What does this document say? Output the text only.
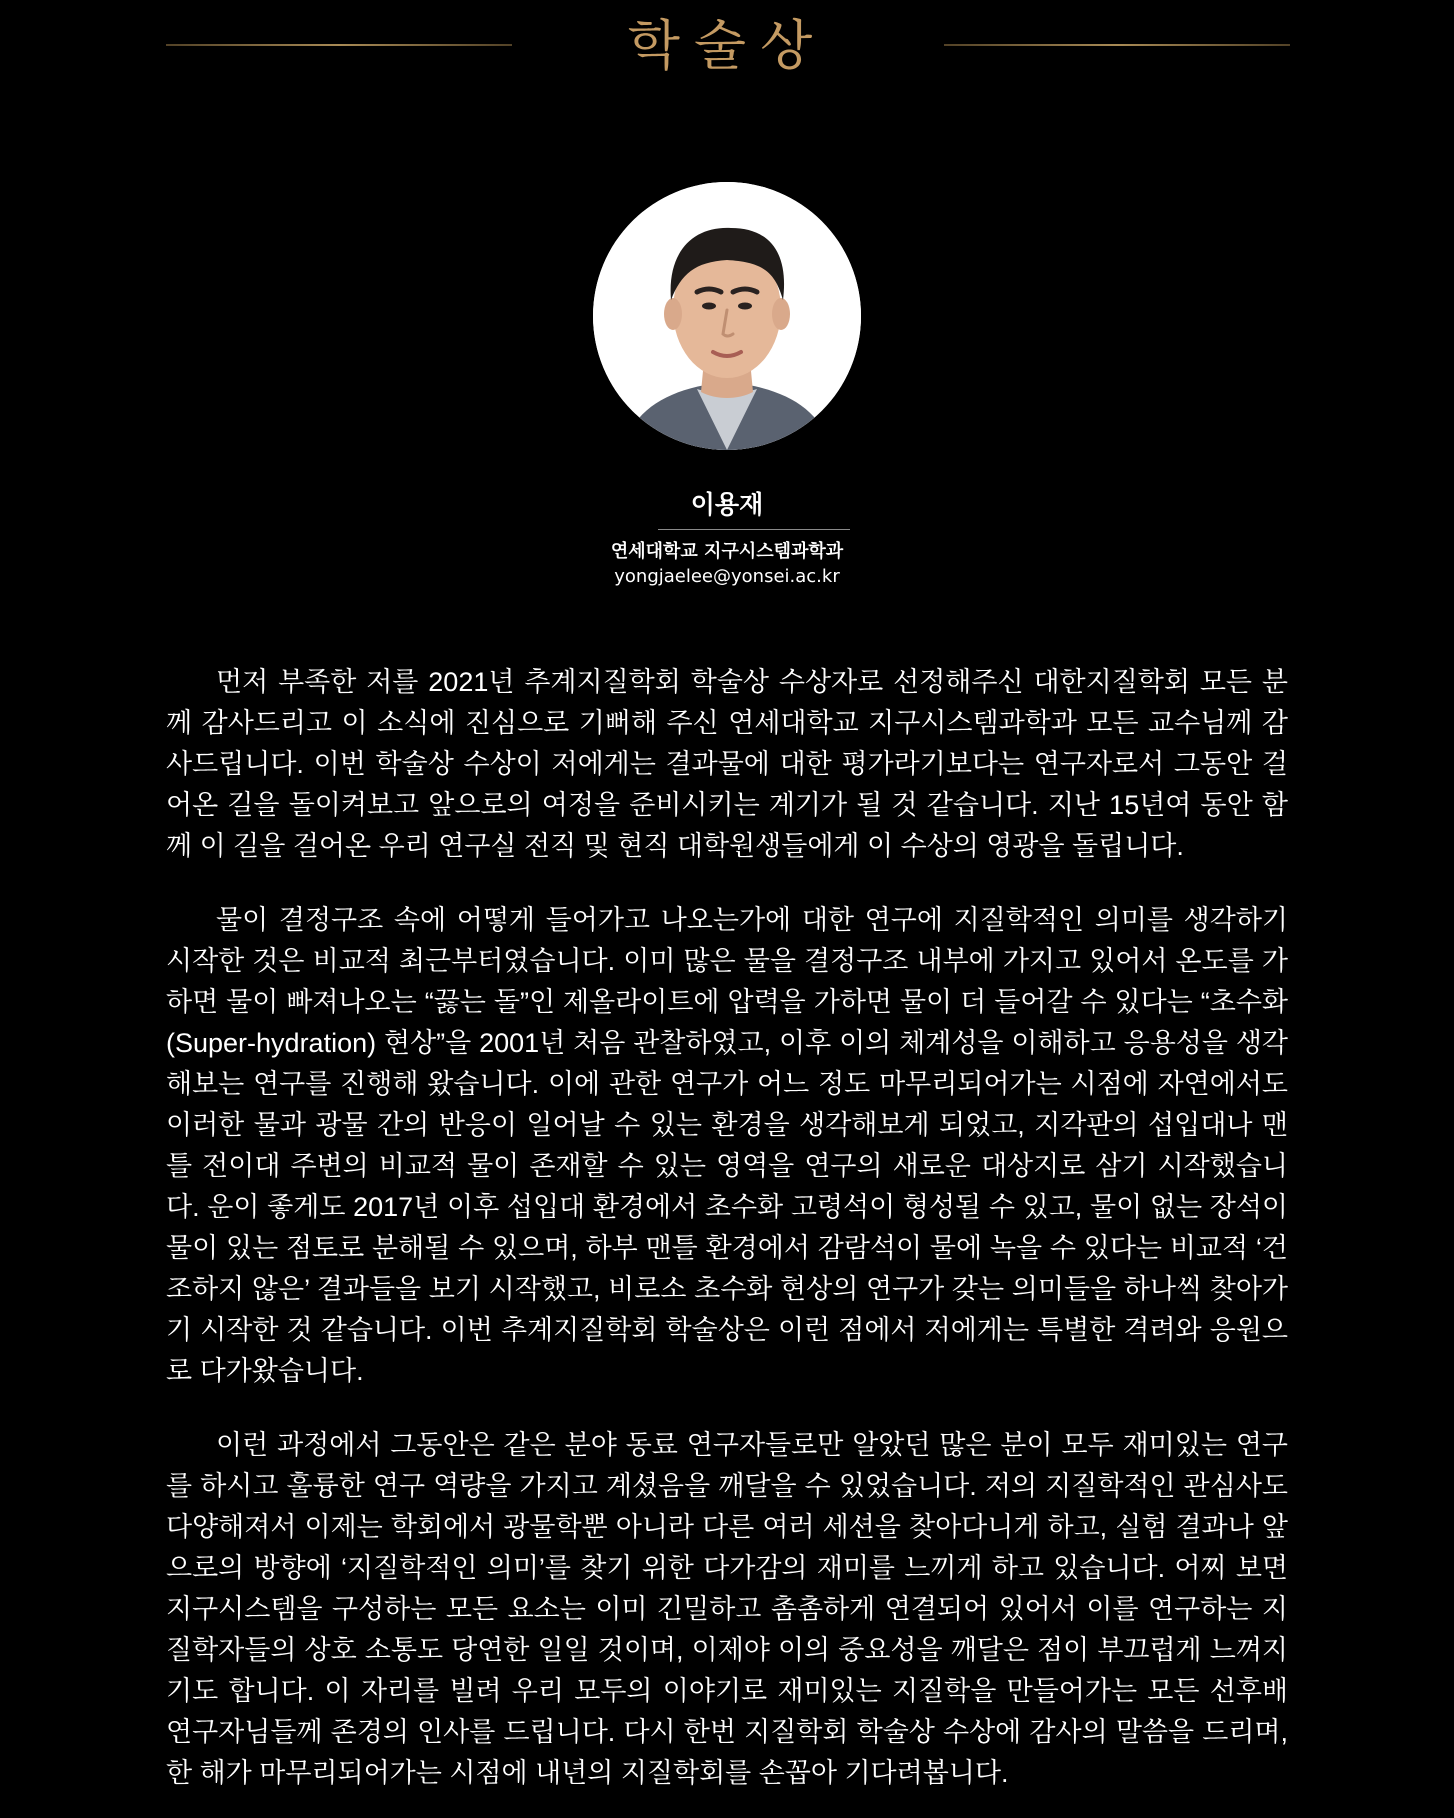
학술상
이용재
연세대학교 지구시스템과학과
yongjaelee@yonsei.ac.kr

먼저 부족한 저를 2021년 추계지질학회 학술상 수상자로 선정해주신 대한지질학회 모든 분께 감사드리고 이 소식에 진심으로 기뻐해 주신 연세대학교 지구시스템과학과 모든 교수님께 감사드립니다. 이번 학술상 수상이 저에게는 결과물에 대한 평가라기보다는 연구자로서 그동안 걸어온 길을 돌이켜보고 앞으로의 여정을 준비시키는 계기가 될 것 같습니다. 지난 15년여 동안 함께 이 길을 걸어온 우리 연구실 전직 및 현직 대학원생들에게 이 수상의 영광을 돌립니다.

물이 결정구조 속에 어떻게 들어가고 나오는가에 대한 연구에 지질학적인 의미를 생각하기 시작한 것은 비교적 최근부터였습니다. 이미 많은 물을 결정구조 내부에 가지고 있어서 온도를 가하면 물이 빠져나오는 “끓는 돌”인 제올라이트에 압력을 가하면 물이 더 들어갈 수 있다는 “초수화(Super-hydration) 현상”을 2001년 처음 관찰하였고, 이후 이의 체계성을 이해하고 응용성을 생각해보는 연구를 진행해 왔습니다. 이에 관한 연구가 어느 정도 마무리되어가는 시점에 자연에서도 이러한 물과 광물 간의 반응이 일어날 수 있는 환경을 생각해보게 되었고, 지각판의 섭입대나 맨틀 전이대 주변의 비교적 물이 존재할 수 있는 영역을 연구의 새로운 대상지로 삼기 시작했습니다. 운이 좋게도 2017년 이후 섭입대 환경에서 초수화 고령석이 형성될 수 있고, 물이 없는 장석이 물이 있는 점토로 분해될 수 있으며, 하부 맨틀 환경에서 감람석이 물에 녹을 수 있다는 비교적 ‘건조하지 않은’ 결과들을 보기 시작했고, 비로소 초수화 현상의 연구가 갖는 의미들을 하나씩 찾아가기 시작한 것 같습니다. 이번 추계지질학회 학술상은 이런 점에서 저에게는 특별한 격려와 응원으로 다가왔습니다.

이런 과정에서 그동안은 같은 분야 동료 연구자들로만 알았던 많은 분이 모두 재미있는 연구를 하시고 훌륭한 연구 역량을 가지고 계셨음을 깨달을 수 있었습니다. 저의 지질학적인 관심사도 다양해져서 이제는 학회에서 광물학뿐 아니라 다른 여러 세션을 찾아다니게 하고, 실험 결과나 앞으로의 방향에 ‘지질학적인 의미’를 찾기 위한 다가감의 재미를 느끼게 하고 있습니다. 어찌 보면 지구시스템을 구성하는 모든 요소는 이미 긴밀하고 촘촘하게 연결되어 있어서 이를 연구하는 지질학자들의 상호 소통도 당연한 일일 것이며, 이제야 이의 중요성을 깨달은 점이 부끄럽게 느껴지기도 합니다. 이 자리를 빌려 우리 모두의 이야기로 재미있는 지질학을 만들어가는 모든 선후배 연구자님들께 존경의 인사를 드립니다. 다시 한번 지질학회 학술상 수상에 감사의 말씀을 드리며, 한 해가 마무리되어가는 시점에 내년의 지질학회를 손꼽아 기다려봅니다.
